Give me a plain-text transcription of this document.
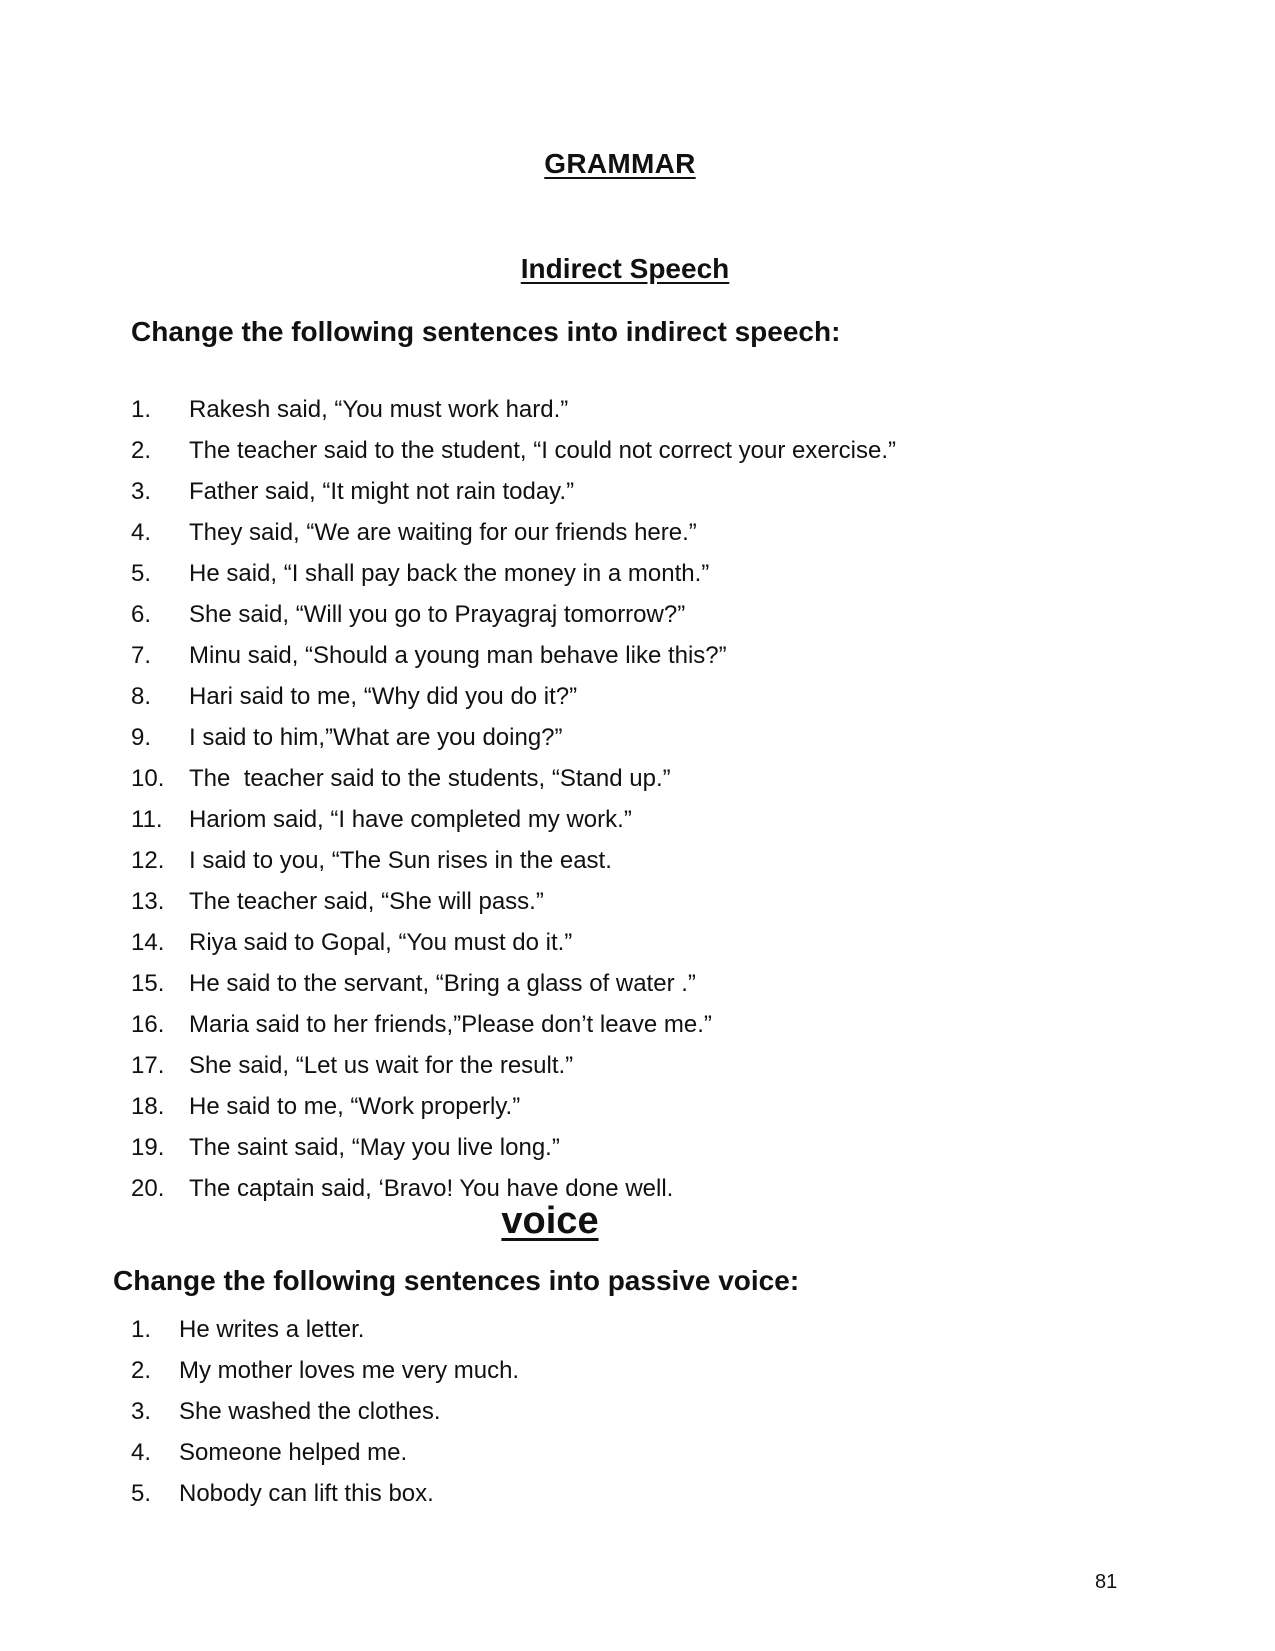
GRAMMAR
Indirect Speech
Change the following sentences into indirect speech:
1. Rakesh said, “You must work hard.”
2. The teacher said to the student, “I could not correct your exercise.”
3. Father said, “It might not rain today.”
4. They said, “We are waiting for our friends here.”
5. He said, “I shall pay back the money in a month.”
6. She said, “Will you go to Prayagraj tomorrow?”
7. Minu said, “Should a young man behave like this?”
8. Hari said to me, “Why did you do it?”
9. I said to him,”What are you doing?”
10. The  teacher said to the students, “Stand up.”
11. Hariom said, “I have completed my work.”
12. I said to you, “The Sun rises in the east.
13. The teacher said, “She will pass.”
14. Riya said to Gopal, “You must do it.”
15. He said to the servant, “Bring a glass of water .”
16. Maria said to her friends,”Please don’t leave me.”
17. She said, “Let us wait for the result.”
18. He said to me, “Work properly.”
19. The saint said, “May you live long.”
20. The captain said, ‘Bravo! You have done well.
voice
Change the following sentences into passive voice:
1. He writes a letter.
2. My mother loves me very much.
3. She washed the clothes.
4. Someone helped me.
5. Nobody can lift this box.
81
